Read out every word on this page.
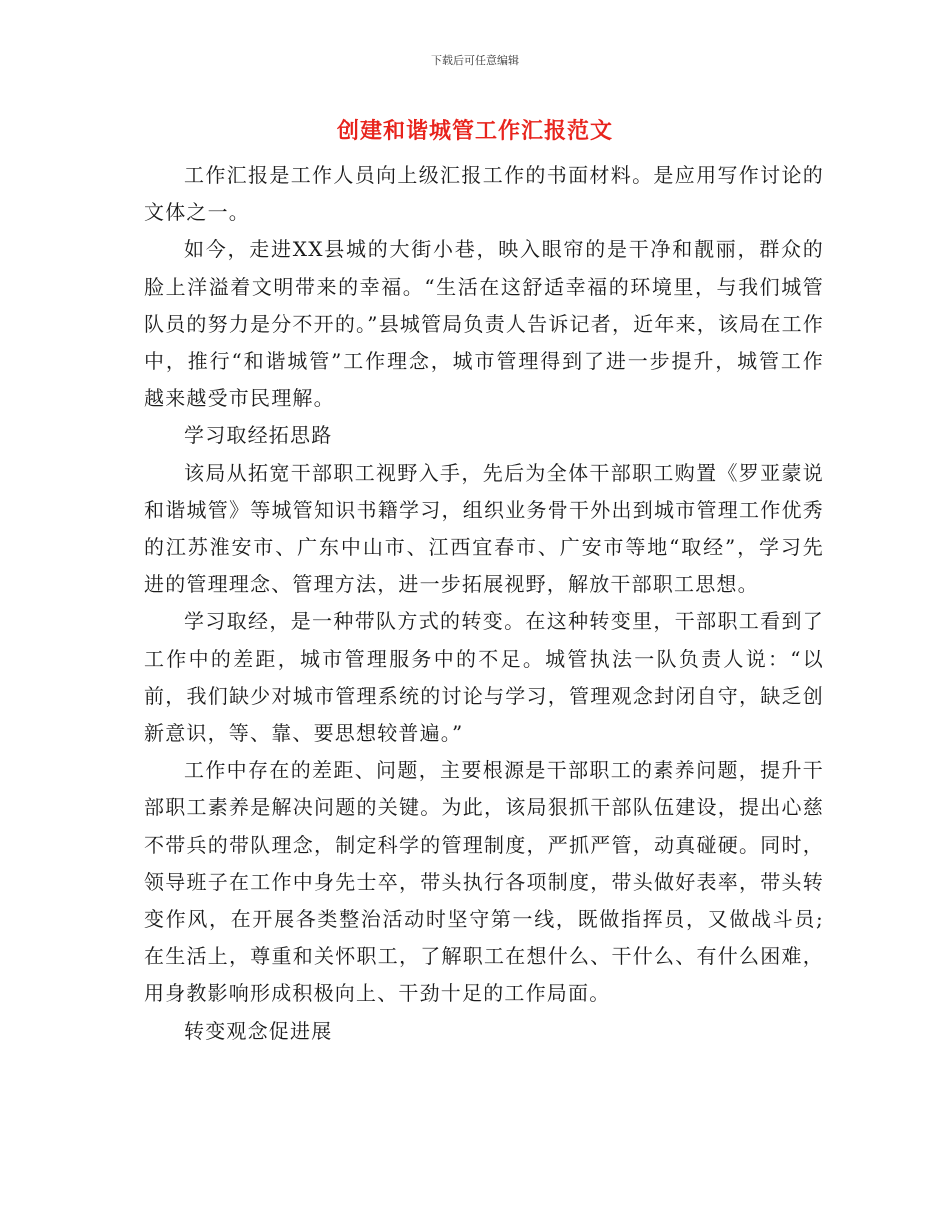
下载后可任意编辑
创建和谐城管工作汇报范文

工作汇报是工作人员向上级汇报工作的书面材料。是应用写作讨论的文体之一。

如今，走进XX县城的大街小巷，映入眼帘的是干净和靓丽，群众的脸上洋溢着文明带来的幸福。“生活在这舒适幸福的环境里，与我们城管队员的努力是分不开的。”县城管局负责人告诉记者，近年来，该局在工作中，推行“和谐城管”工作理念，城市管理得到了进一步提升，城管工作越来越受市民理解。

学习取经拓思路

该局从拓宽干部职工视野入手，先后为全体干部职工购置《罗亚蒙说和谐城管》等城管知识书籍学习，组织业务骨干外出到城市管理工作优秀的江苏淮安市、广东中山市、江西宜春市、广安市等地“取经”，学习先进的管理理念、管理方法，进一步拓展视野，解放干部职工思想。

学习取经，是一种带队方式的转变。在这种转变里，干部职工看到了工作中的差距，城市管理服务中的不足。城管执法一队负责人说：“以前，我们缺少对城市管理系统的讨论与学习，管理观念封闭自守，缺乏创新意识，等、靠、要思想较普遍。”

工作中存在的差距、问题，主要根源是干部职工的素养问题，提升干部职工素养是解决问题的关键。为此，该局狠抓干部队伍建设，提出心慈不带兵的带队理念，制定科学的管理制度，严抓严管，动真碰硬。同时，领导班子在工作中身先士卒，带头执行各项制度，带头做好表率，带头转变作风，在开展各类整治活动时坚守第一线，既做指挥员，又做战斗员;在生活上，尊重和关怀职工，了解职工在想什么、干什么、有什么困难，用身教影响形成积极向上、干劲十足的工作局面。

转变观念促进展
